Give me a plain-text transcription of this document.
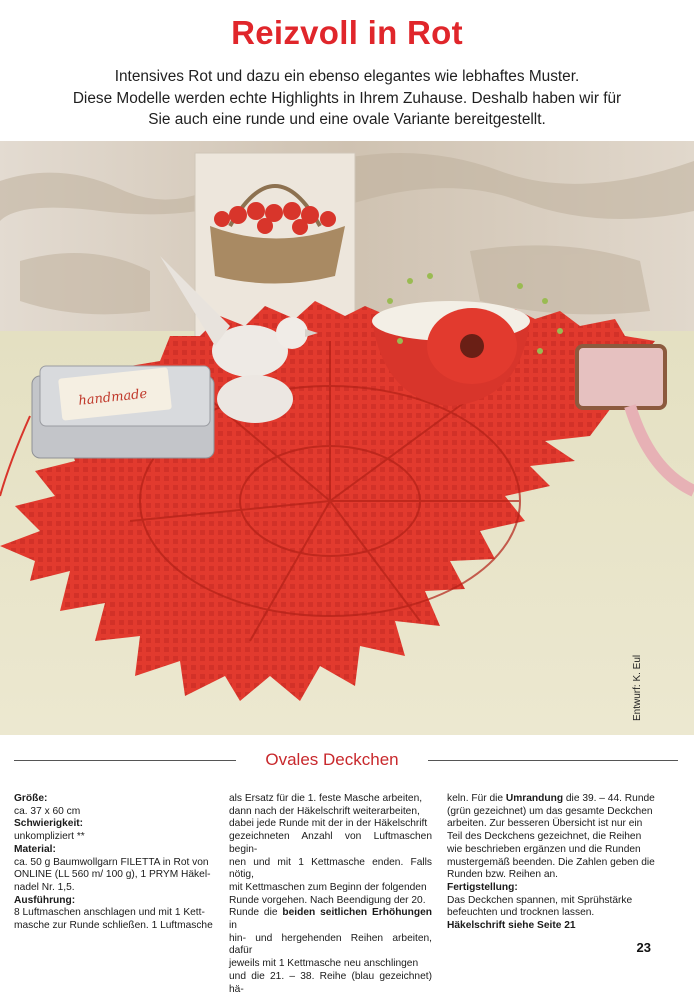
Reizvoll in Rot
Intensives Rot und dazu ein ebenso elegantes wie lebhaftes Muster.
Diese Modelle werden echte Highlights in Ihrem Zuhause. Deshalb haben wir für
Sie auch eine runde und eine ovale Variante bereitgestellt.
handmade
Entwurf: K. Eul
Ovales Deckchen

Größe:

ca. 37 x 60 cm

Schwierigkeit:

unkompliziert **

Material:

ca. 50 g Baumwollgarn FILETTA in Rot von

ONLINE (LL 560 m/ 100 g), 1 PRYM Häkel-

nadel Nr. 1,5.

Ausführung:

8 Luftmaschen anschlagen und mit 1 Kett-

masche zur Runde schließen. 1 Luftmasche

als Ersatz für die 1. feste Masche arbeiten,

dann nach der Häkelschrift weiterarbeiten,

dabei jede Runde mit der in der Häkelschrift

gezeichneten Anzahl von Luftmaschen begin-

nen und mit 1 Kettmasche enden. Falls nötig,

mit Kettmaschen zum Beginn der folgenden

Runde vorgehen. Nach Beendigung der 20.

Runde die beiden seitlichen Erhöhungen in

hin- und hergehenden Reihen arbeiten, dafür

jeweils mit 1 Kettmasche neu anschlingen

und die 21. – 38. Reihe (blau gezeichnet) hä-

keln. Für die Umrandung die 39. – 44. Runde

(grün gezeichnet) um das gesamte Deckchen

arbeiten. Zur besseren Übersicht ist nur ein

Teil des Deckchens gezeichnet, die Reihen

wie beschrieben ergänzen und die Runden

mustergemäß beenden. Die Zahlen geben die

Runden bzw. Reihen an.

Fertigstellung:

Das Deckchen spannen, mit Sprühstärke

befeuchten und trocknen lassen.

Häkelschrift siehe Seite 21

23
